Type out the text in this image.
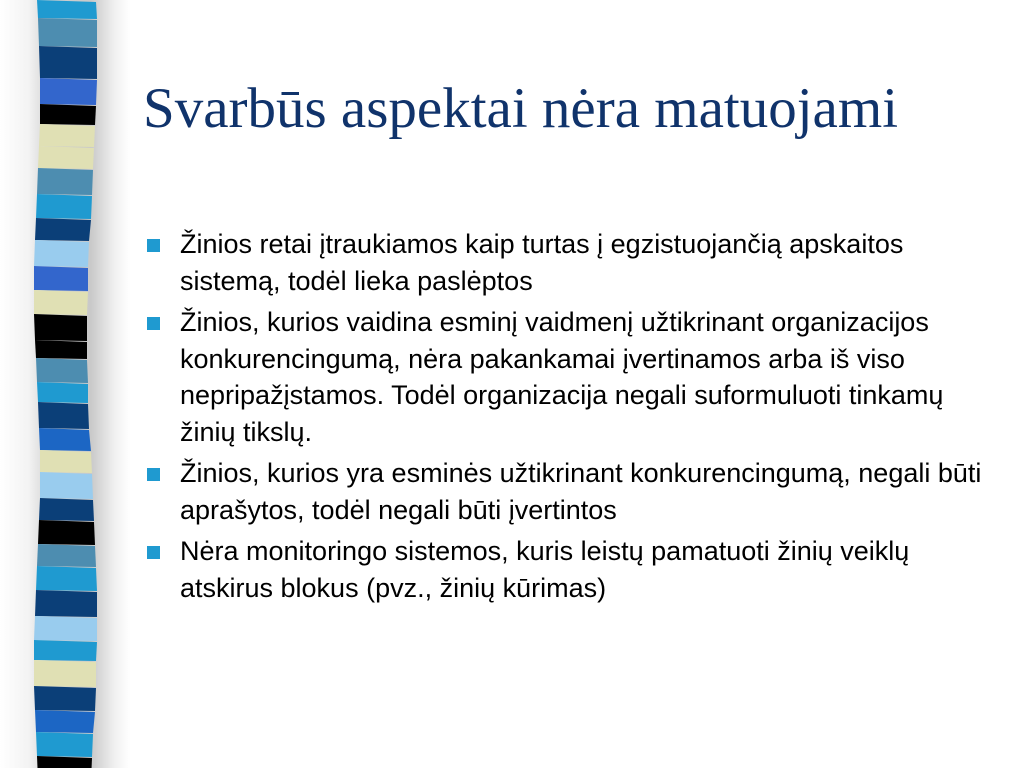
Svarbūs aspektai nėra matuojami
Žinios retai įtraukiamos kaip turtas į egzistuojančią apskaitos sistemą, todėl lieka paslėptos
Žinios, kurios vaidina esminį vaidmenį užtikrinant organizacijos konkurencingumą, nėra pakankamai įvertinamos arba iš viso nepripažįstamos. Todėl organizacija negali suformuluoti tinkamų žinių tikslų.
Žinios, kurios yra esminės užtikrinant konkurencingumą, negali būti aprašytos, todėl negali būti įvertintos
Nėra monitoringo sistemos, kuris leistų pamatuoti žinių veiklų atskirus blokus (pvz., žinių kūrimas)
